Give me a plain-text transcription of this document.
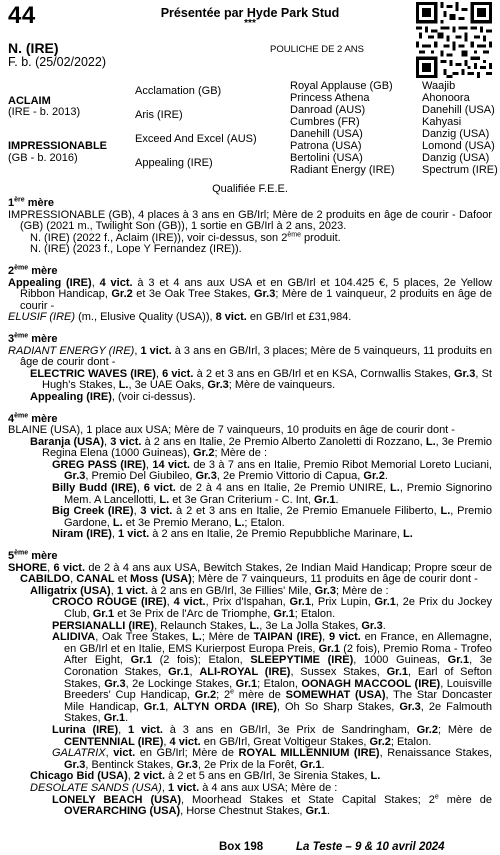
44	Présentée par Hyde Park Stud
***
N. (IRE)
F. b. (25/02/2022)
POULICHE DE 2 ANS
ACLAIM
(IRE - b. 2013)
IMPRESSIONABLE
(GB - b. 2016)
Acclamation (GB)
Aris (IRE)
Exceed And Excel (AUS)
Appealing (IRE)
Royal Applause (GB)
Princess Athena
Danroad (AUS)
Cumbres (FR)
Danehill (USA)
Patrona (USA)
Bertolini (USA)
Radiant Energy (IRE)
Waajib
Ahonoora
Danehill (USA)
Kahyasi
Danzig (USA)
Lomond (USA)
Danzig (USA)
Spectrum (IRE)
Qualifiée F.E.E.

1ère mère

IMPRESSIONABLE (GB), 4 places à 3 ans en GB/Irl; Mère de 2 produits en âge de courir - Dafoor (GB) (2021 m., Twilight Son (GB)), 1 sortie en GB/Irl à 2 ans, 2023.

N. (IRE) (2022 f., Aclaim (IRE)), voir ci-dessus, son 2ème produit.

N. (IRE) (2023 f., Lope Y Fernandez (IRE)).

2ème mère

Appealing (IRE), 4 vict. à 3 et 4 ans aux USA et en GB/Irl et 104.425 €, 5 places, 2e Yellow Ribbon Handicap, Gr.2 et 3e Oak Tree Stakes, Gr.3; Mère de 1 vainqueur, 2 produits en âge de courir -

ELUSIF (IRE) (m., Elusive Quality (USA)), 8 vict. en GB/Irl et £31,984.

3ème mère

RADIANT ENERGY (IRE), 1 vict. à 3 ans en GB/Irl, 3 places; Mère de 5 vainqueurs, 11 produits en âge de courir dont -

ELECTRIC WAVES (IRE), 6 vict. à 2 et 3 ans en GB/Irl et en KSA, Cornwallis Stakes, Gr.3, St Hugh's Stakes, L., 3e UAE Oaks, Gr.3; Mère de vainqueurs.

Appealing (IRE), (voir ci-dessus).

4ème mère

BLAINE (USA), 1 place aux USA; Mère de 7 vainqueurs, 10 produits en âge de courir dont -

Baranja (USA), 3 vict. à 2 ans en Italie, 2e Premio Alberto Zanoletti di Rozzano, L., 3e Premio Regina Elena (1000 Guineas), Gr.2; Mère de :

GREG PASS (IRE), 14 vict. de 3 à 7 ans en Italie, Premio Ribot Memorial Loreto Luciani, Gr.3, Premio Del Giubileo, Gr.3, 2e Premio Vittorio di Capua, Gr.2.

Billy Budd (IRE), 6 vict. de 2 à 4 ans en Italie, 2e Premio UNIRE, L., Premio Signorino Mem. A Lancellotti, L. et 3e Gran Criterium - C. Int, Gr.1.

Big Creek (IRE), 3 vict. à 2 et 3 ans en Italie, 2e Premio Emanuele Filiberto, L., Premio Gardone, L. et 3e Premio Merano, L.; Etalon.

Niram (IRE), 1 vict. à 2 ans en Italie, 2e Premio Repubbliche Marinare, L.

5ème mère

SHORE, 6 vict. de 2 à 4 ans aux USA, Bewitch Stakes, 2e Indian Maid Handicap; Propre sœur de CABILDO, CANAL et Moss (USA); Mère de 7 vainqueurs, 11 produits en âge de courir dont -

Alligatrix (USA), 1 vict. à 2 ans en GB/Irl, 3e Fillies' Mile, Gr.3; Mère de :

CROCO ROUGE (IRE), 4 vict., Prix d'Ispahan, Gr.1, Prix Lupin, Gr.1, 2e Prix du Jockey Club, Gr.1 et 3e Prix de l'Arc de Triomphe, Gr.1; Etalon.

PERSIANALLI (IRE), Relaunch Stakes, L., 3e La Jolla Stakes, Gr.3.

ALIDIVA, Oak Tree Stakes, L.; Mère de TAIPAN (IRE), 9 vict. en France, en Allemagne, en GB/Irl et en Italie, EMS Kurierpost Europa Preis, Gr.1 (2 fois), Premio Roma - Trofeo After Eight, Gr.1 (2 fois); Etalon, SLEEPYTIME (IRE), 1000 Guineas, Gr.1, 3e Coronation Stakes, Gr.1, ALI-ROYAL (IRE), Sussex Stakes, Gr.1, Earl of Sefton Stakes, Gr.3, 2e Lockinge Stakes, Gr.1; Etalon, OONAGH MACCOOL (IRE), Louisville Breeders' Cup Handicap, Gr.2; 2e mère de SOMEWHAT (USA), The Star Doncaster Mile Handicap, Gr.1, ALTYN ORDA (IRE), Oh So Sharp Stakes, Gr.3, 2e Falmouth Stakes, Gr.1.

Lurina (IRE), 1 vict. à 3 ans en GB/Irl, 3e Prix de Sandringham, Gr.2; Mère de CENTENNIAL (IRE), 4 vict. en GB/Irl, Great Voltigeur Stakes, Gr.2; Etalon.

GALATRIX, vict. en GB/Irl; Mère de ROYAL MILLENNIUM (IRE), Renaissance Stakes, Gr.3, Bentinck Stakes, Gr.3, 2e Prix de la Forêt, Gr.1.

Chicago Bid (USA), 2 vict. à 2 et 5 ans en GB/Irl, 3e Sirenia Stakes, L.

DESOLATE SANDS (USA), 1 vict. à 4 ans aux USA; Mère de :

LONELY BEACH (USA), Moorhead Stakes et State Capital Stakes; 2e mère de OVERARCHING (USA), Horse Chestnut Stakes, Gr.1.

Box 198	La Teste – 9 & 10 avril 2024
